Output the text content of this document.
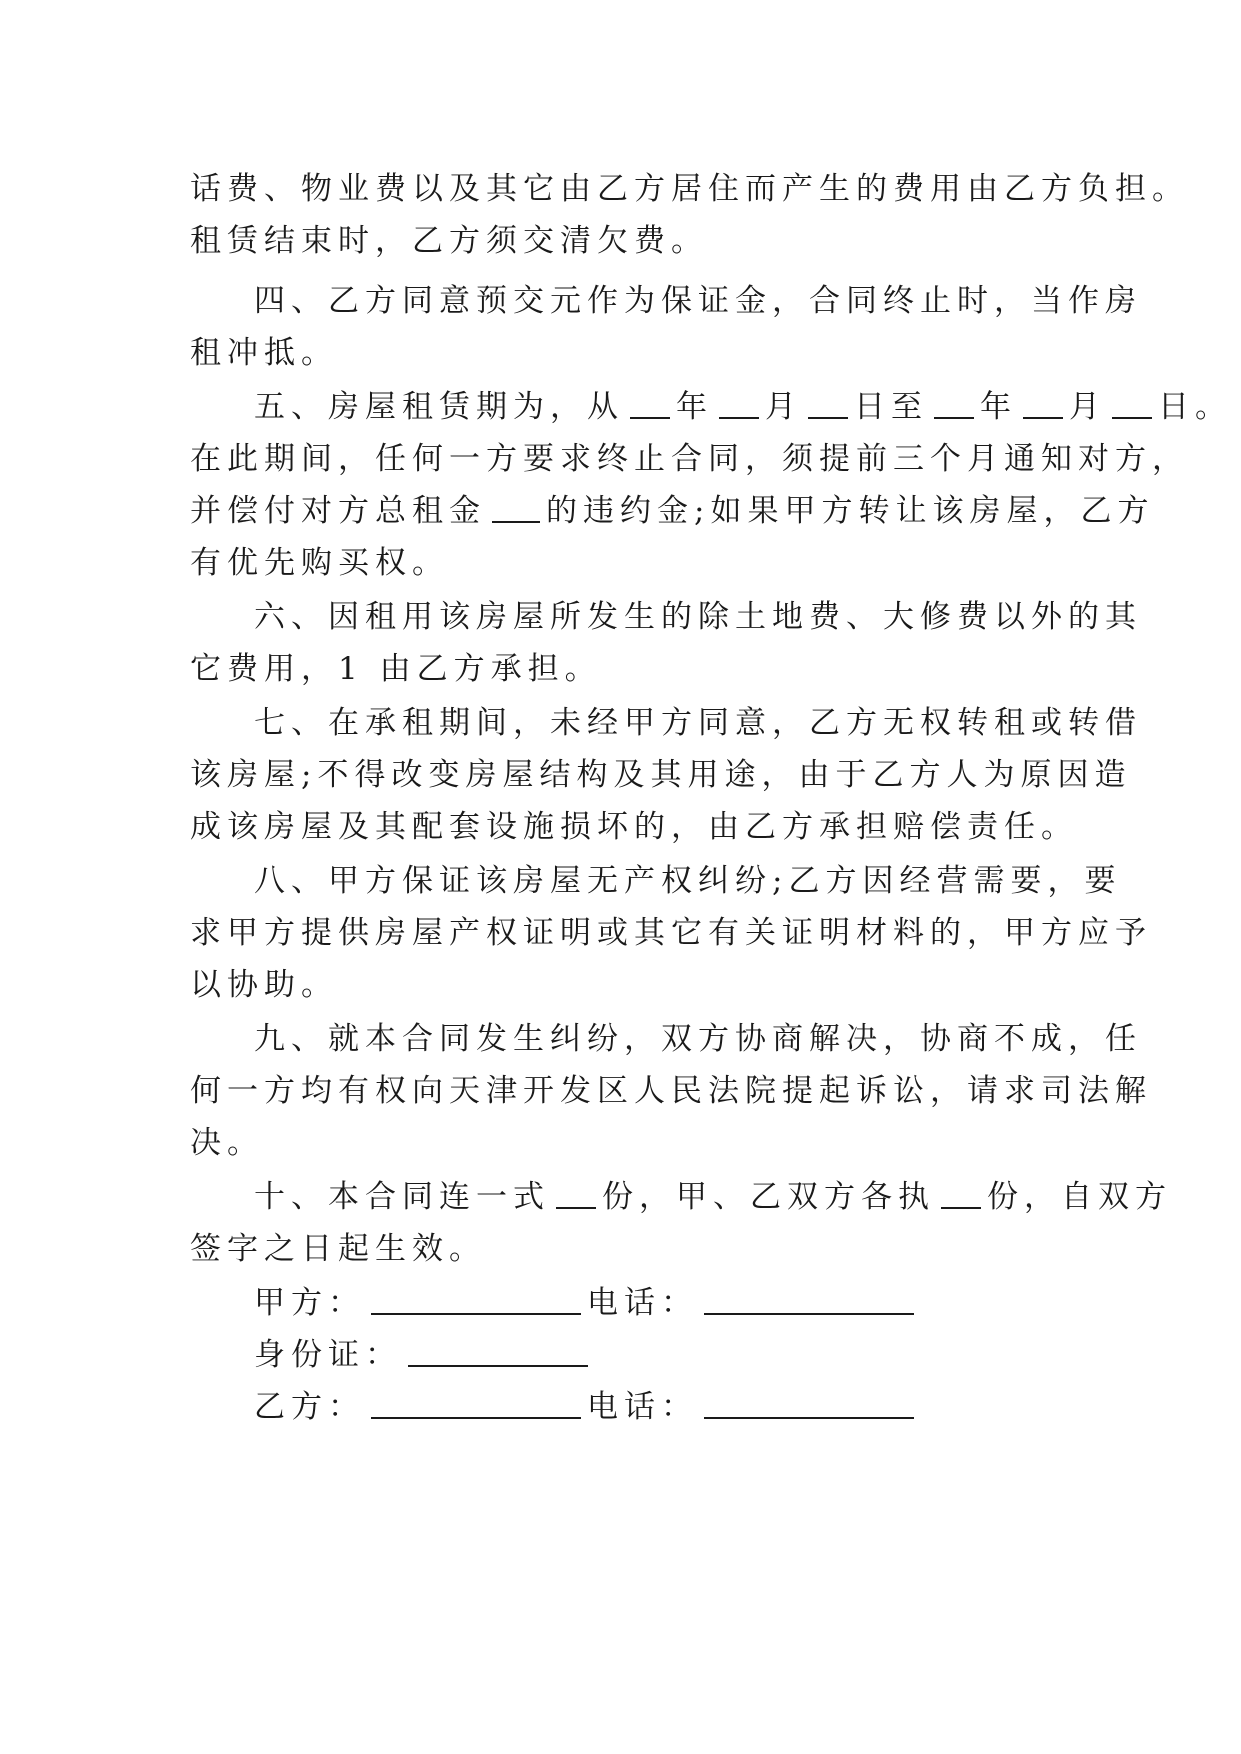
话费、物业费以及其它由乙方居住而产生的费用由乙方负担。
租赁结束时，乙方须交清欠费。
四、乙方同意预交元作为保证金，合同终止时，当作房
租冲抵。
五、房屋租赁期为，从 年 月 日至 年 月 日。
在此期间，任何一方要求终止合同，须提前三个月通知对方，
并偿付对方总租金 的违约金;如果甲方转让该房屋，乙方
有优先购买权。
六、因租用该房屋所发生的除土地费、大修费以外的其
它费用，1 由乙方承担。
七、在承租期间，未经甲方同意，乙方无权转租或转借
该房屋;不得改变房屋结构及其用途，由于乙方人为原因造
成该房屋及其配套设施损坏的，由乙方承担赔偿责任。
八、甲方保证该房屋无产权纠纷;乙方因经营需要，要
求甲方提供房屋产权证明或其它有关证明材料的，甲方应予
以协助。
九、就本合同发生纠纷，双方协商解决，协商不成，任
何一方均有权向天津开发区人民法院提起诉讼，请求司法解
决。
十、本合同连一式 份，甲、乙双方各执 份，自双方
签字之日起生效。
甲方：	电话：
身份证：
乙方：	电话：
